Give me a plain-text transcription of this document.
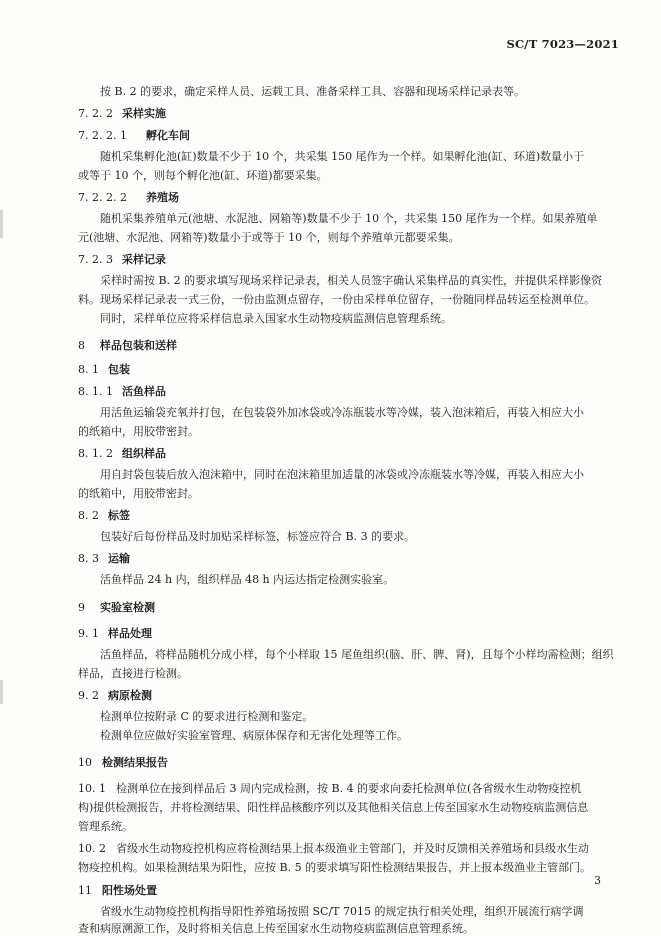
SC/T 7023—2021
按 B. 2 的要求，确定采样人员、运载工具、准备采样工具、容器和现场采样记录表等。
7. 2. 2 采样实施
7. 2. 2. 1 孵化车间
随机采集孵化池(缸)数量不少于 10 个，共采集 150 尾作为一个样。如果孵化池(缸、环道)数量小于
或等于 10 个，则每个孵化池(缸、环道)都要采集。
7. 2. 2. 2 养殖场
随机采集养殖单元(池塘、水泥池、网箱等)数量不少于 10 个，共采集 150 尾作为一个样。如果养殖单
元(池塘、水泥池、网箱等)数量小于或等于 10 个，则每个养殖单元都要采集。
7. 2. 3 采样记录
采样时需按 B. 2 的要求填写现场采样记录表，相关人员签字确认采集样品的真实性，并提供采样影像资
料。现场采样记录表一式三份，一份由监测点留存，一份由采样单位留存，一份随同样品转运至检测单位。
同时，采样单位应将采样信息录入国家水生动物疫病监测信息管理系统。
8 样品包装和送样
8. 1 包装
8. 1. 1 活鱼样品
用活鱼运输袋充氧并打包，在包装袋外加冰袋或冷冻瓶装水等冷媒，装入泡沫箱后，再装入相应大小
的纸箱中，用胶带密封。
8. 1. 2 组织样品
用自封袋包装后放入泡沫箱中，同时在泡沫箱里加适量的冰袋或冷冻瓶装水等冷媒，再装入相应大小
的纸箱中，用胶带密封。
8. 2 标签
包装好后每份样品及时加贴采样标签，标签应符合 B. 3 的要求。
8. 3 运输
活鱼样品 24 h 内，组织样品 48 h 内运达指定检测实验室。
9 实验室检测
9. 1 样品处理
活鱼样品，将样品随机分成小样，每个小样取 15 尾鱼组织(脑、肝、脾、肾)，且每个小样均需检测；组织
样品，直接进行检测。
9. 2 病原检测
检测单位按附录 C 的要求进行检测和鉴定。
检测单位应做好实验室管理、病原体保存和无害化处理等工作。
10 检测结果报告
10. 1 检测单位在接到样品后 3 周内完成检测，按 B. 4 的要求向委托检测单位(各省级水生动物疫控机
构)提供检测报告，并将检测结果、阳性样品核酸序列以及其他相关信息上传至国家水生动物疫病监测信息
管理系统。
10. 2 省级水生动物疫控机构应将检测结果上报本级渔业主管部门，并及时反馈相关养殖场和县级水生动
物疫控机构。如果检测结果为阳性，应按 B. 5 的要求填写阳性检测结果报告，并上报本级渔业主管部门。
11 阳性场处置
省级水生动物疫控机构指导阳性养殖场按照 SC/T 7015 的规定执行相关处理，组织开展流行病学调
查和病原溯源工作，及时将相关信息上传至国家水生动物疫病监测信息管理系统。
3
